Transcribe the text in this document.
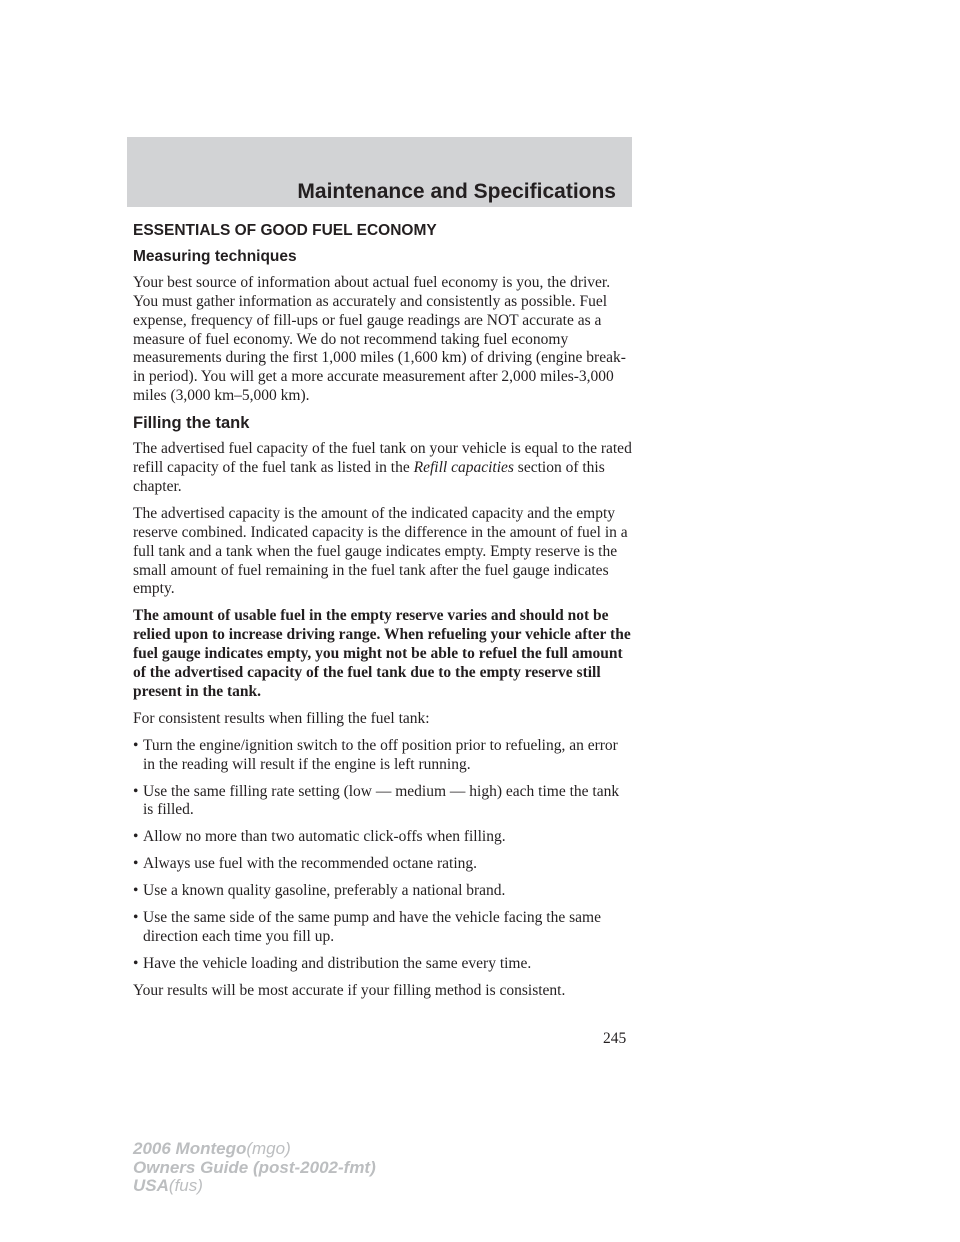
Maintenance and Specifications
ESSENTIALS OF GOOD FUEL ECONOMY
Measuring techniques

Your best source of information about actual fuel economy is you, the driver. You must gather information as accurately and consistently as possible. Fuel expense, frequency of fill-ups or fuel gauge readings are NOT accurate as a measure of fuel economy. We do not recommend taking fuel economy measurements during the first 1,000 miles (1,600 km) of driving (engine break-in period). You will get a more accurate measurement after 2,000 miles-3,000 miles (3,000 km–5,000 km).

Filling the tank

The advertised fuel capacity of the fuel tank on your vehicle is equal to the rated refill capacity of the fuel tank as listed in the Refill capacities section of this chapter.

The advertised capacity is the amount of the indicated capacity and the empty reserve combined. Indicated capacity is the difference in the amount of fuel in a full tank and a tank when the fuel gauge indicates empty. Empty reserve is the small amount of fuel remaining in the fuel tank after the fuel gauge indicates empty.

The amount of usable fuel in the empty reserve varies and should not be relied upon to increase driving range. When refueling your vehicle after the fuel gauge indicates empty, you might not be able to refuel the full amount of the advertised capacity of the fuel tank due to the empty reserve still present in the tank.

For consistent results when filling the fuel tank:

• Turn the engine/ignition switch to the off position prior to refueling, an error in the reading will result if the engine is left running.
• Use the same filling rate setting (low — medium — high) each time the tank is filled.
• Allow no more than two automatic click-offs when filling.
• Always use fuel with the recommended octane rating.
• Use a known quality gasoline, preferably a national brand.
• Use the same side of the same pump and have the vehicle facing the same direction each time you fill up.
• Have the vehicle loading and distribution the same every time.

Your results will be most accurate if your filling method is consistent.

245
2006 Montego(mgo)
Owners Guide (post-2002-fmt)
USA(fus)
